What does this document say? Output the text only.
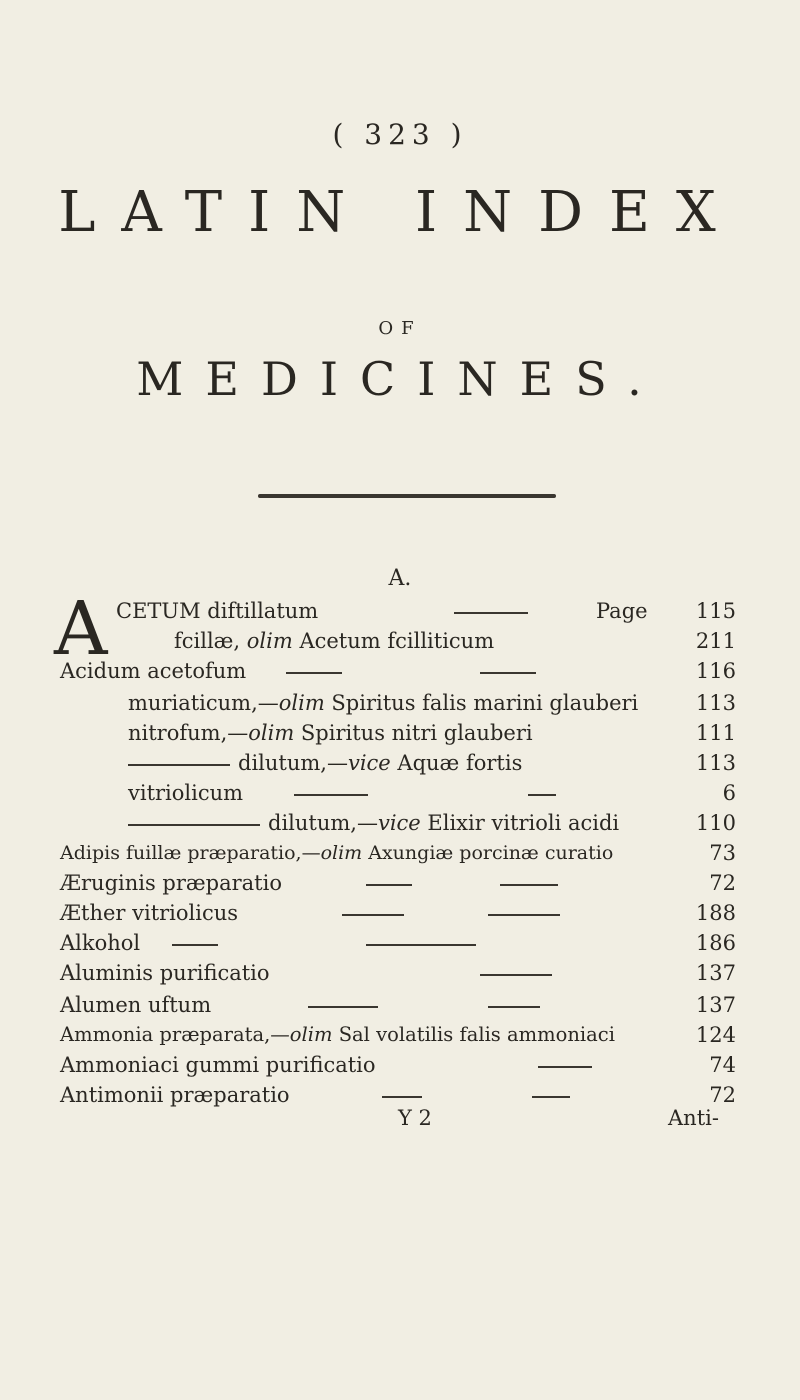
( 323 )
LATIN INDEX
OF
MEDICINES.
A.
A CETUM diftillatum	Page	115
fcillæ, olim Acetum fcilliticum	211
Acidum acetofum	116
muriaticum,—olim Spiritus falis marini glauberi	113
nitrofum,—olim Spiritus nitri glauberi	111
dilutum,—vice Aquæ fortis	113
vitriolicum	6
dilutum,—vice Elixir vitrioli acidi	110
Adipis fuillæ præparatio,—olim Axungiæ porcinæ curatio	73
Æruginis præparatio	72
Æther vitriolicus	188
Alkohol	186
Aluminis purificatio	137
Alumen uftum	137
Ammonia præparata,—olim Sal volatilis falis ammoniaci	124
Ammoniaci gummi purificatio	74
Antimonii præparatio	72
Y 2	Anti-
